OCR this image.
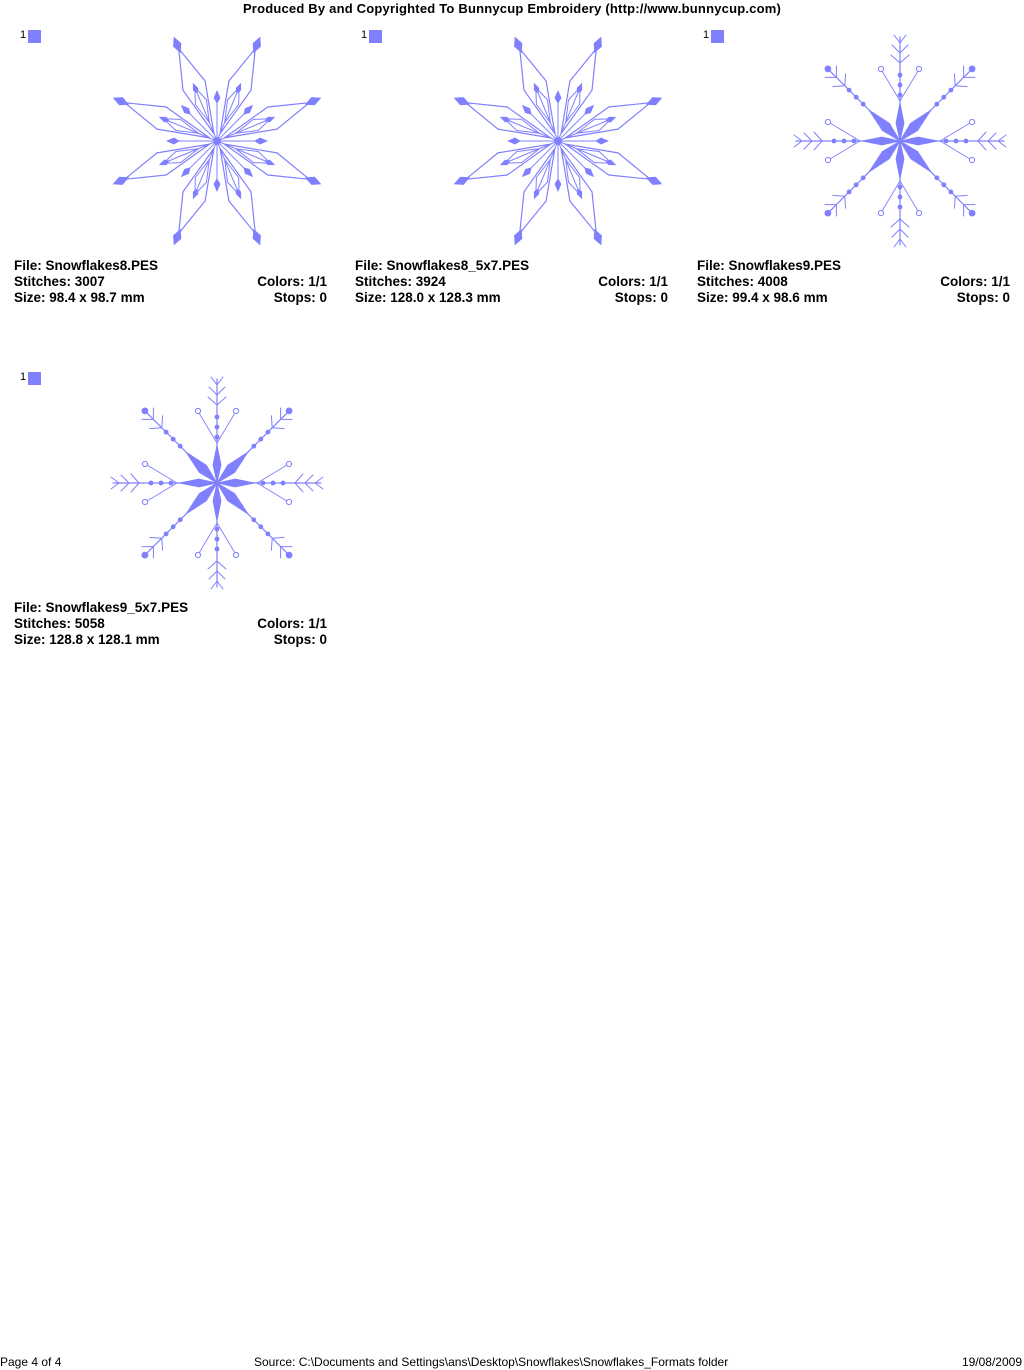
Produced By and Copyrighted To Bunnycup Embroidery (http://www.bunnycup.com)
1
File: Snowflakes8.PES
Stitches: 3007	Colors: 1/1
Size: 98.4 x 98.7 mm	Stops: 0
1
File: Snowflakes8_5x7.PES
Stitches: 3924	Colors: 1/1
Size: 128.0 x 128.3 mm	Stops: 0
1
File: Snowflakes9.PES
Stitches: 4008	Colors: 1/1
Size: 99.4 x 98.6 mm	Stops: 0
1
File: Snowflakes9_5x7.PES
Stitches: 5058	Colors: 1/1
Size: 128.8 x 128.1 mm	Stops: 0
Page 4 of 4	Source: C:\Documents and Settings\ans\Desktop\Snowflakes\Snowflakes_Formats folder	19/08/2009
